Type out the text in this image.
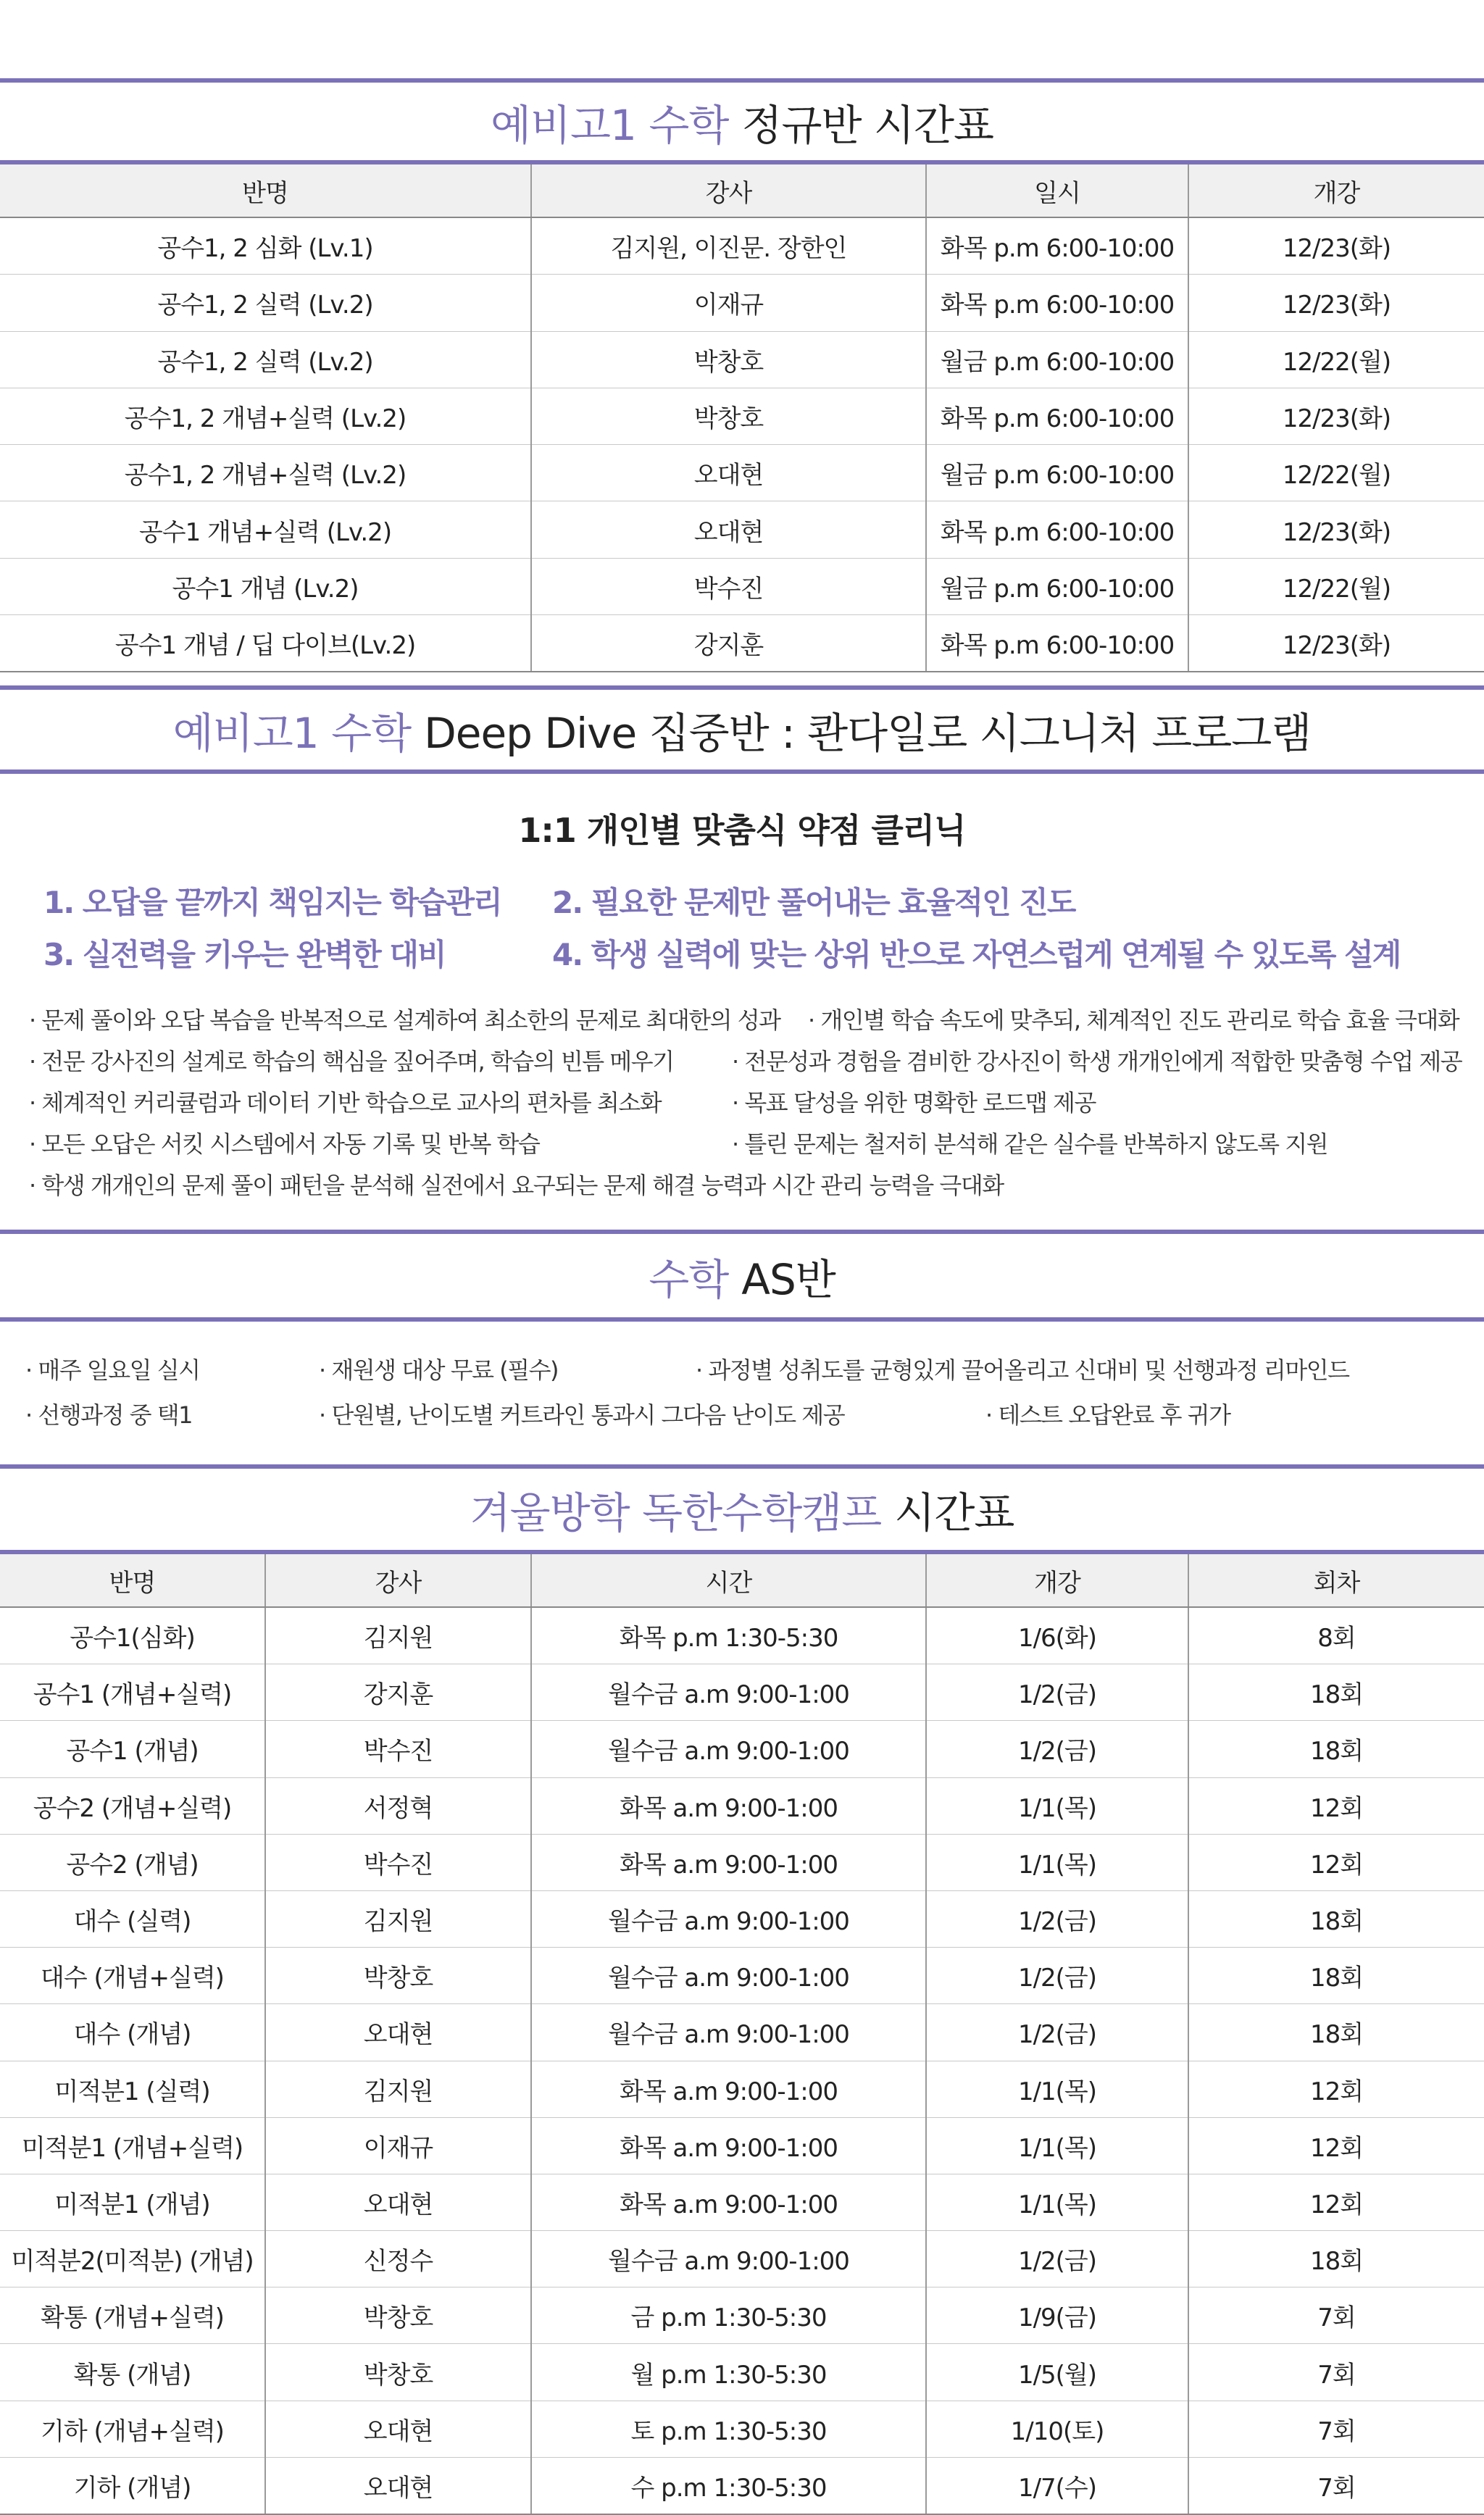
예비고1 수학 정규반 시간표
반명	강사	일시	개강
공수1, 2 심화 (Lv.1)	김지원, 이진문. 장한인	화목 p.m 6:00-10:00	12/23(화)
공수1, 2 실력 (Lv.2)	이재규	화목 p.m 6:00-10:00	12/23(화)
공수1, 2 실력 (Lv.2)	박창호	월금 p.m 6:00-10:00	12/22(월)
공수1, 2 개념+실력 (Lv.2)	박창호	화목 p.m 6:00-10:00	12/23(화)
공수1, 2 개념+실력 (Lv.2)	오대현	월금 p.m 6:00-10:00	12/22(월)
공수1 개념+실력 (Lv.2)	오대현	화목 p.m 6:00-10:00	12/23(화)
공수1 개념 (Lv.2)	박수진	월금 p.m 6:00-10:00	12/22(월)
공수1 개념 / 딥 다이브(Lv.2)	강지훈	화목 p.m 6:00-10:00	12/23(화)
예비고1 수학 Deep Dive 집중반 : 콴다일로 시그니처 프로그램
1:1 개인별 맞춤식 약점 클리닉
1. 오답을 끝까지 책임지는 학습관리 2. 필요한 문제만 풀어내는 효율적인 진도
3. 실전력을 키우는 완벽한 대비	4. 학생 실력에 맞는 상위 반으로 자연스럽게 연계될 수 있도록 설계
· 문제 풀이와 오답 복습을 반복적으로 설계하여 최소한의 문제로 최대한의 성과	· 개인별 학습 속도에 맞추되, 체계적인 진도 관리로 학습 효율 극대화
· 전문 강사진의 설계로 학습의 핵심을 짚어주며, 학습의 빈틈 메우기	· 전문성과 경험을 겸비한 강사진이 학생 개개인에게 적합한 맞춤형 수업 제공
· 체계적인 커리큘럼과 데이터 기반 학습으로 교사의 편차를 최소화	· 목표 달성을 위한 명확한 로드맵 제공
· 모든 오답은 서킷 시스템에서 자동 기록 및 반복 학습	· 틀린 문제는 철저히 분석해 같은 실수를 반복하지 않도록 지원
· 학생 개개인의 문제 풀이 패턴을 분석해 실전에서 요구되는 문제 해결 능력과 시간 관리 능력을 극대화
수학 AS반
· 매주 일요일 실시	· 재원생 대상 무료 (필수)	· 과정별 성취도를 균형있게 끌어올리고 신대비 및 선행과정 리마인드
· 선행과정 중 택1	· 단원별, 난이도별 커트라인 통과시 그다음 난이도 제공	· 테스트 오답완료 후 귀가
겨울방학 독한수학캠프 시간표
반명	강사	시간	개강	회차
공수1(심화)	김지원	화목 p.m 1:30-5:30	1/6(화)	8회
공수1 (개념+실력)	강지훈	월수금 a.m 9:00-1:00	1/2(금)	18회
공수1 (개념)	박수진	월수금 a.m 9:00-1:00	1/2(금)	18회
공수2 (개념+실력)	서정혁	화목 a.m 9:00-1:00	1/1(목)	12회
공수2 (개념)	박수진	화목 a.m 9:00-1:00	1/1(목)	12회
대수 (실력)	김지원	월수금 a.m 9:00-1:00	1/2(금)	18회
대수 (개념+실력)	박창호	월수금 a.m 9:00-1:00	1/2(금)	18회
대수 (개념)	오대현	월수금 a.m 9:00-1:00	1/2(금)	18회
미적분1 (실력)	김지원	화목 a.m 9:00-1:00	1/1(목)	12회
미적분1 (개념+실력)	이재규	화목 a.m 9:00-1:00	1/1(목)	12회
미적분1 (개념)	오대현	화목 a.m 9:00-1:00	1/1(목)	12회
미적분2(미적분) (개념)	신정수	월수금 a.m 9:00-1:00	1/2(금)	18회
확통 (개념+실력)	박창호	금 p.m 1:30-5:30	1/9(금)	7회
확통 (개념)	박창호	월 p.m 1:30-5:30	1/5(월)	7회
기하 (개념+실력)	오대현	토 p.m 1:30-5:30	1/10(토)	7회
기하 (개념)	오대현	수 p.m 1:30-5:30	1/7(수)	7회
